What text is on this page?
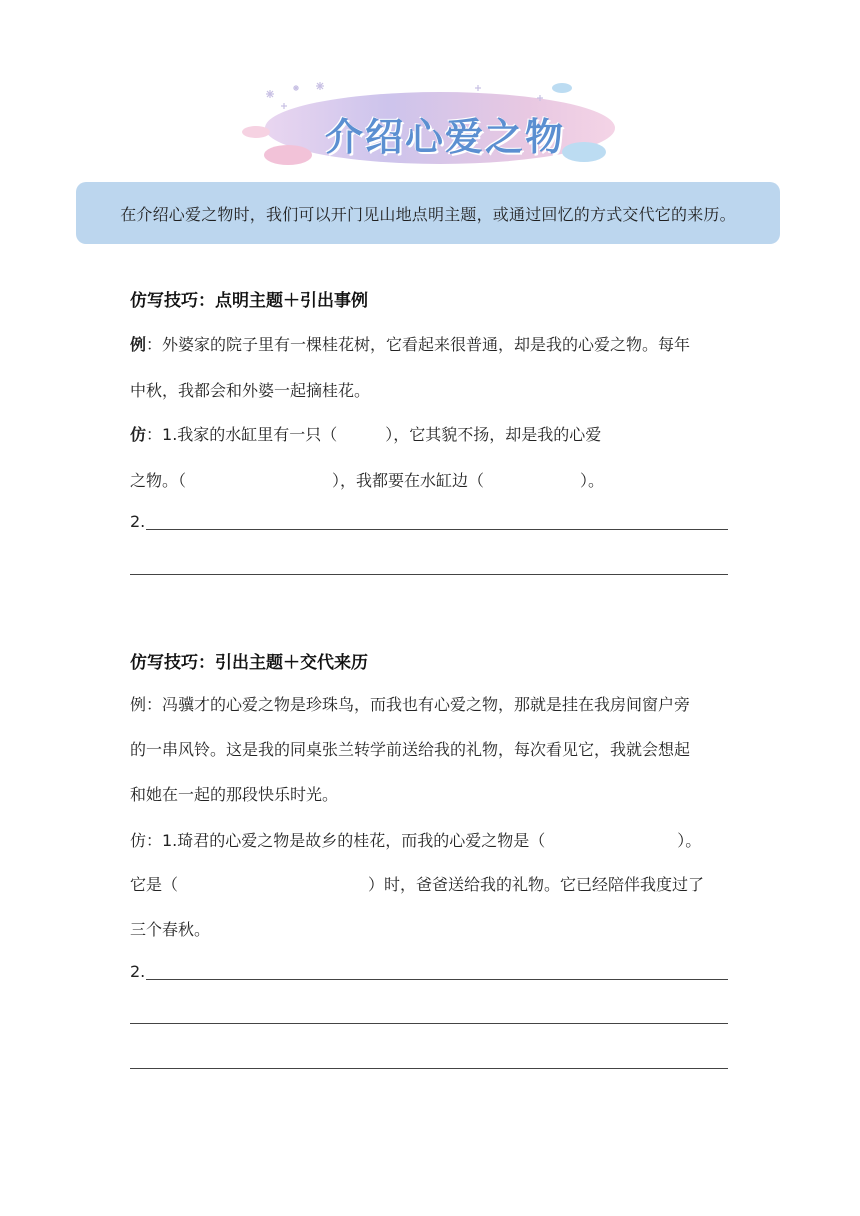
介绍心爱之物
在介绍心爱之物时，我们可以开门见山地点明主题，或通过回忆的方式交代它的来历。
仿写技巧：点明主题＋引出事例
例：外婆家的院子里有一棵桂花树，它看起来很普通，却是我的心爱之物。每年
中秋，我都会和外婆一起摘桂花。
仿：1.我家的水缸里有一只（	），它其貌不扬，却是我的心爱
之物。（	），我都要在水缸边（	）。
2.
仿写技巧：引出主题＋交代来历
例：冯骥才的心爱之物是珍珠鸟，而我也有心爱之物，那就是挂在我房间窗户旁
的一串风铃。这是我的同桌张兰转学前送给我的礼物，每次看见它，我就会想起
和她在一起的那段快乐时光。
仿：1.琦君的心爱之物是故乡的桂花，而我的心爱之物是（	）。
它是（	）时，爸爸送给我的礼物。它已经陪伴我度过了
三个春秋。
2.
